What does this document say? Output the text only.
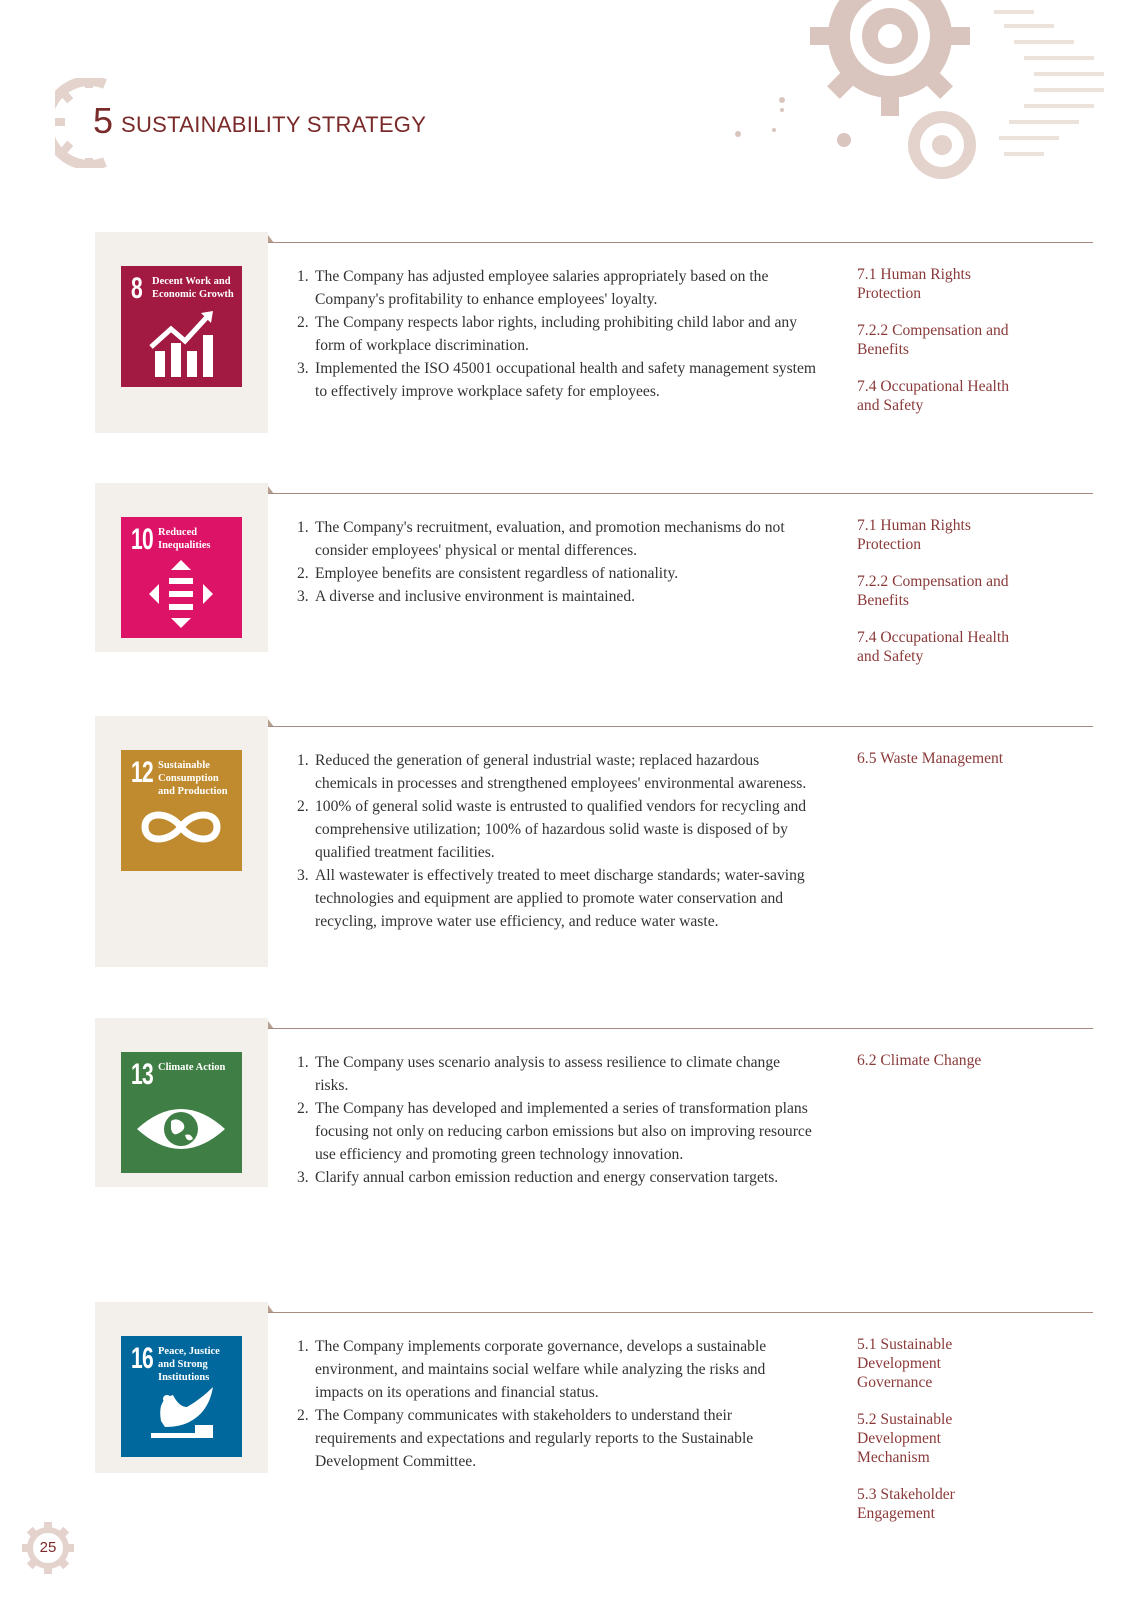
5 SUSTAINABILITY STRATEGY
8 Decent Work and Economic Growth
1. The Company has adjusted employee salaries appropriately based on the Company's profitability to enhance employees' loyalty.
2. The Company respects labor rights, including prohibiting child labor and any form of workplace discrimination.
3. Implemented the ISO 45001 occupational health and safety management system to effectively improve workplace safety for employees.
7.1 Human Rights Protection
7.2.2 Compensation and Benefits
7.4 Occupational Health and Safety
10 Reduced Inequalities
1. The Company's recruitment, evaluation, and promotion mechanisms do not consider employees' physical or mental differences.
2. Employee benefits are consistent regardless of nationality.
3. A diverse and inclusive environment is maintained.
7.1 Human Rights Protection
7.2.2 Compensation and Benefits
7.4 Occupational Health and Safety
12 Sustainable Consumption and Production
1. Reduced the generation of general industrial waste; replaced hazardous chemicals in processes and strengthened employees' environmental awareness.
2. 100% of general solid waste is entrusted to qualified vendors for recycling and comprehensive utilization; 100% of hazardous solid waste is disposed of by qualified treatment facilities.
3. All wastewater is effectively treated to meet discharge standards; water-saving technologies and equipment are applied to promote water conservation and recycling, improve water use efficiency, and reduce water waste.
6.5 Waste Management
13 Climate Action	1. The Company uses scenario analysis to assess resilience to climate change risks.
2. The Company has developed and implemented a series of transformation plans focusing not only on reducing carbon emissions but also on improving resource use efficiency and promoting green technology innovation.
3. Clarify annual carbon emission reduction and energy conservation targets.
6.2 Climate Change
16 Peace, Justice and Strong Institutions
1. The Company implements corporate governance, develops a sustainable environment, and maintains social welfare while analyzing the risks and impacts on its operations and financial status.
2. The Company communicates with stakeholders to understand their requirements and expectations and regularly reports to the Sustainable Development Committee.
5.1 Sustainable Development Governance
5.2 Sustainable Development Mechanism
5.3 Stakeholder Engagement
25
